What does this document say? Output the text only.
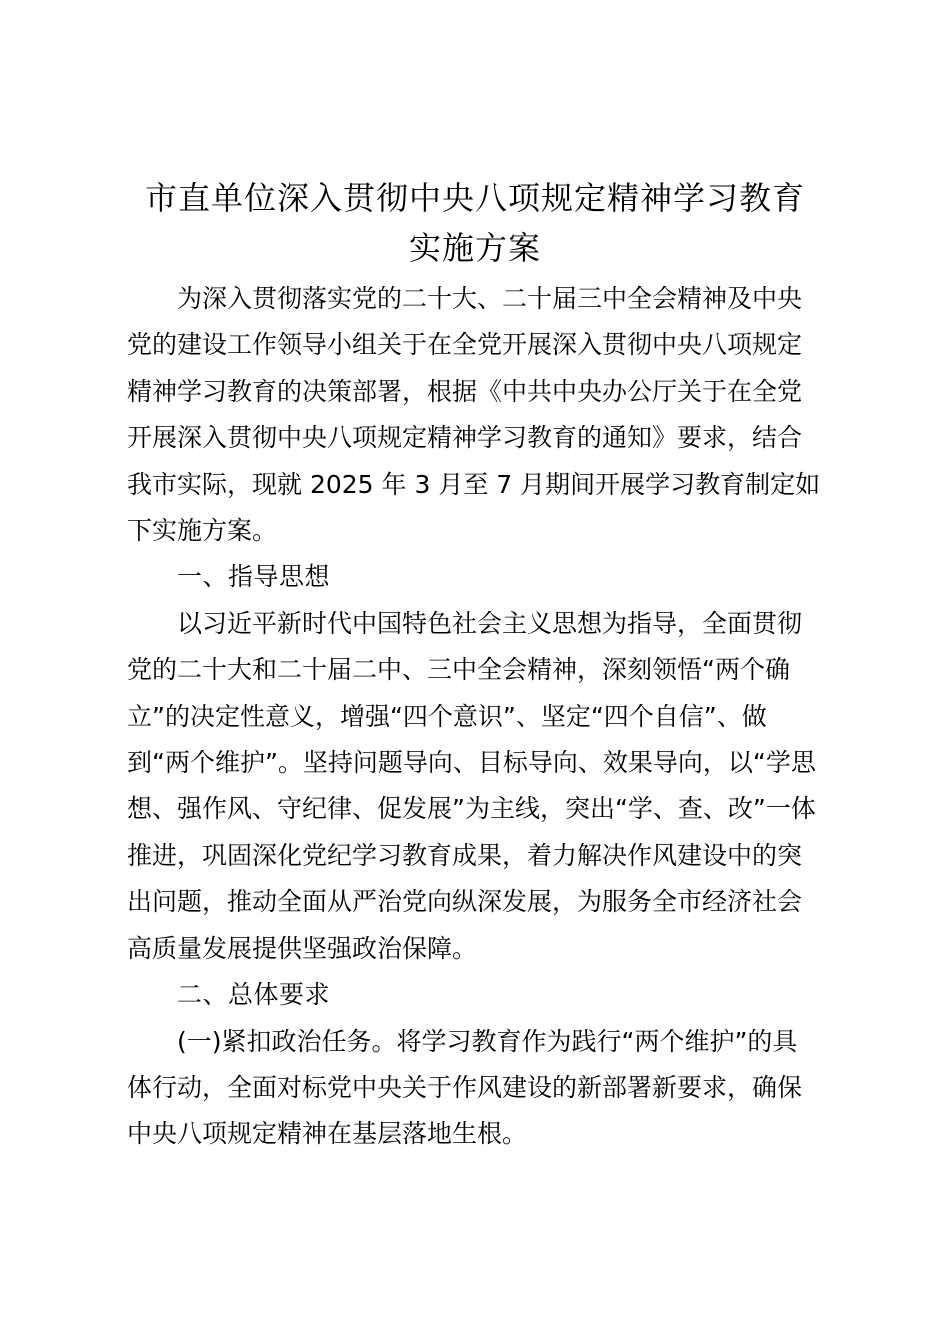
市直单位深入贯彻中央八项规定精神学习教育
实施方案
为深入贯彻落实党的二十大、二十届三中全会精神及中央
党的建设工作领导小组关于在全党开展深入贯彻中央八项规定
精神学习教育的决策部署，根据《中共中央办公厅关于在全党
开展深入贯彻中央八项规定精神学习教育的通知》要求，结合
我市实际，现就 2025 年 3 月至 7 月期间开展学习教育制定如
下实施方案。
一、指导思想
以习近平新时代中国特色社会主义思想为指导，全面贯彻
党的二十大和二十届二中、三中全会精神，深刻领悟“两个确
立”的决定性意义，增强“四个意识”、坚定“四个自信”、做
到“两个维护”。坚持问题导向、目标导向、效果导向，以“学思
想、强作风、守纪律、促发展”为主线，突出“学、查、改”一体
推进，巩固深化党纪学习教育成果，着力解决作风建设中的突
出问题，推动全面从严治党向纵深发展，为服务全市经济社会
高质量发展提供坚强政治保障。
二、总体要求
(一)紧扣政治任务。将学习教育作为践行“两个维护”的具
体行动，全面对标党中央关于作风建设的新部署新要求，确保
中央八项规定精神在基层落地生根。
